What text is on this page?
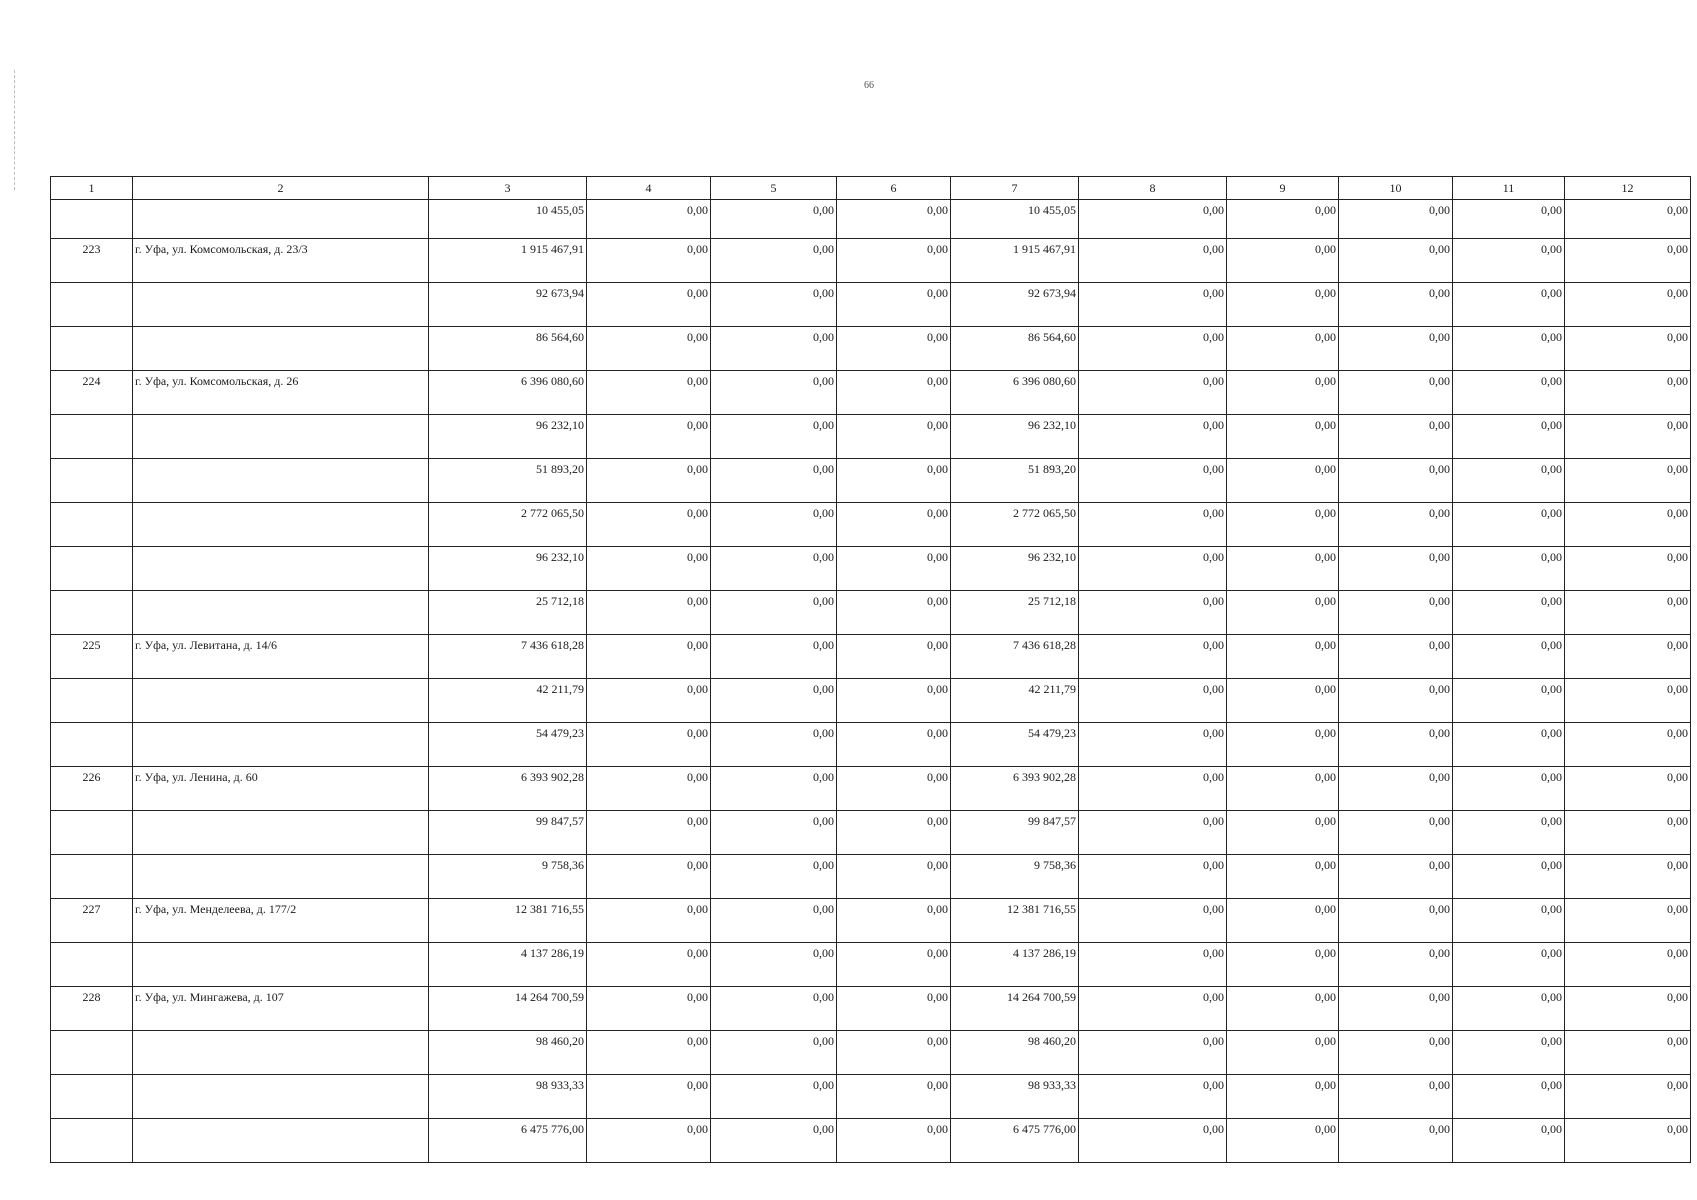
66
1	2	3	4	5	6	7	8	9	10	11	12
		10 455,05	0,00	0,00	0,00	10 455,05	0,00	0,00	0,00	0,00	0,00
223	г. Уфа, ул. Комсомольская, д. 23/3	1 915 467,91	0,00	0,00	0,00	1 915 467,91	0,00	0,00	0,00	0,00	0,00
		92 673,94	0,00	0,00	0,00	92 673,94	0,00	0,00	0,00	0,00	0,00
		86 564,60	0,00	0,00	0,00	86 564,60	0,00	0,00	0,00	0,00	0,00
224	г. Уфа, ул. Комсомольская, д. 26	6 396 080,60	0,00	0,00	0,00	6 396 080,60	0,00	0,00	0,00	0,00	0,00
		96 232,10	0,00	0,00	0,00	96 232,10	0,00	0,00	0,00	0,00	0,00
		51 893,20	0,00	0,00	0,00	51 893,20	0,00	0,00	0,00	0,00	0,00
		2 772 065,50	0,00	0,00	0,00	2 772 065,50	0,00	0,00	0,00	0,00	0,00
		96 232,10	0,00	0,00	0,00	96 232,10	0,00	0,00	0,00	0,00	0,00
		25 712,18	0,00	0,00	0,00	25 712,18	0,00	0,00	0,00	0,00	0,00
225	г. Уфа, ул. Левитана, д. 14/6	7 436 618,28	0,00	0,00	0,00	7 436 618,28	0,00	0,00	0,00	0,00	0,00
		42 211,79	0,00	0,00	0,00	42 211,79	0,00	0,00	0,00	0,00	0,00
		54 479,23	0,00	0,00	0,00	54 479,23	0,00	0,00	0,00	0,00	0,00
226	г. Уфа, ул. Ленина, д. 60	6 393 902,28	0,00	0,00	0,00	6 393 902,28	0,00	0,00	0,00	0,00	0,00
		99 847,57	0,00	0,00	0,00	99 847,57	0,00	0,00	0,00	0,00	0,00
		9 758,36	0,00	0,00	0,00	9 758,36	0,00	0,00	0,00	0,00	0,00
227	г. Уфа, ул. Менделеева, д. 177/2	12 381 716,55	0,00	0,00	0,00	12 381 716,55	0,00	0,00	0,00	0,00	0,00
		4 137 286,19	0,00	0,00	0,00	4 137 286,19	0,00	0,00	0,00	0,00	0,00
228	г. Уфа, ул. Мингажева, д. 107	14 264 700,59	0,00	0,00	0,00	14 264 700,59	0,00	0,00	0,00	0,00	0,00
		98 460,20	0,00	0,00	0,00	98 460,20	0,00	0,00	0,00	0,00	0,00
		98 933,33	0,00	0,00	0,00	98 933,33	0,00	0,00	0,00	0,00	0,00
		6 475 776,00	0,00	0,00	0,00	6 475 776,00	0,00	0,00	0,00	0,00	0,00
